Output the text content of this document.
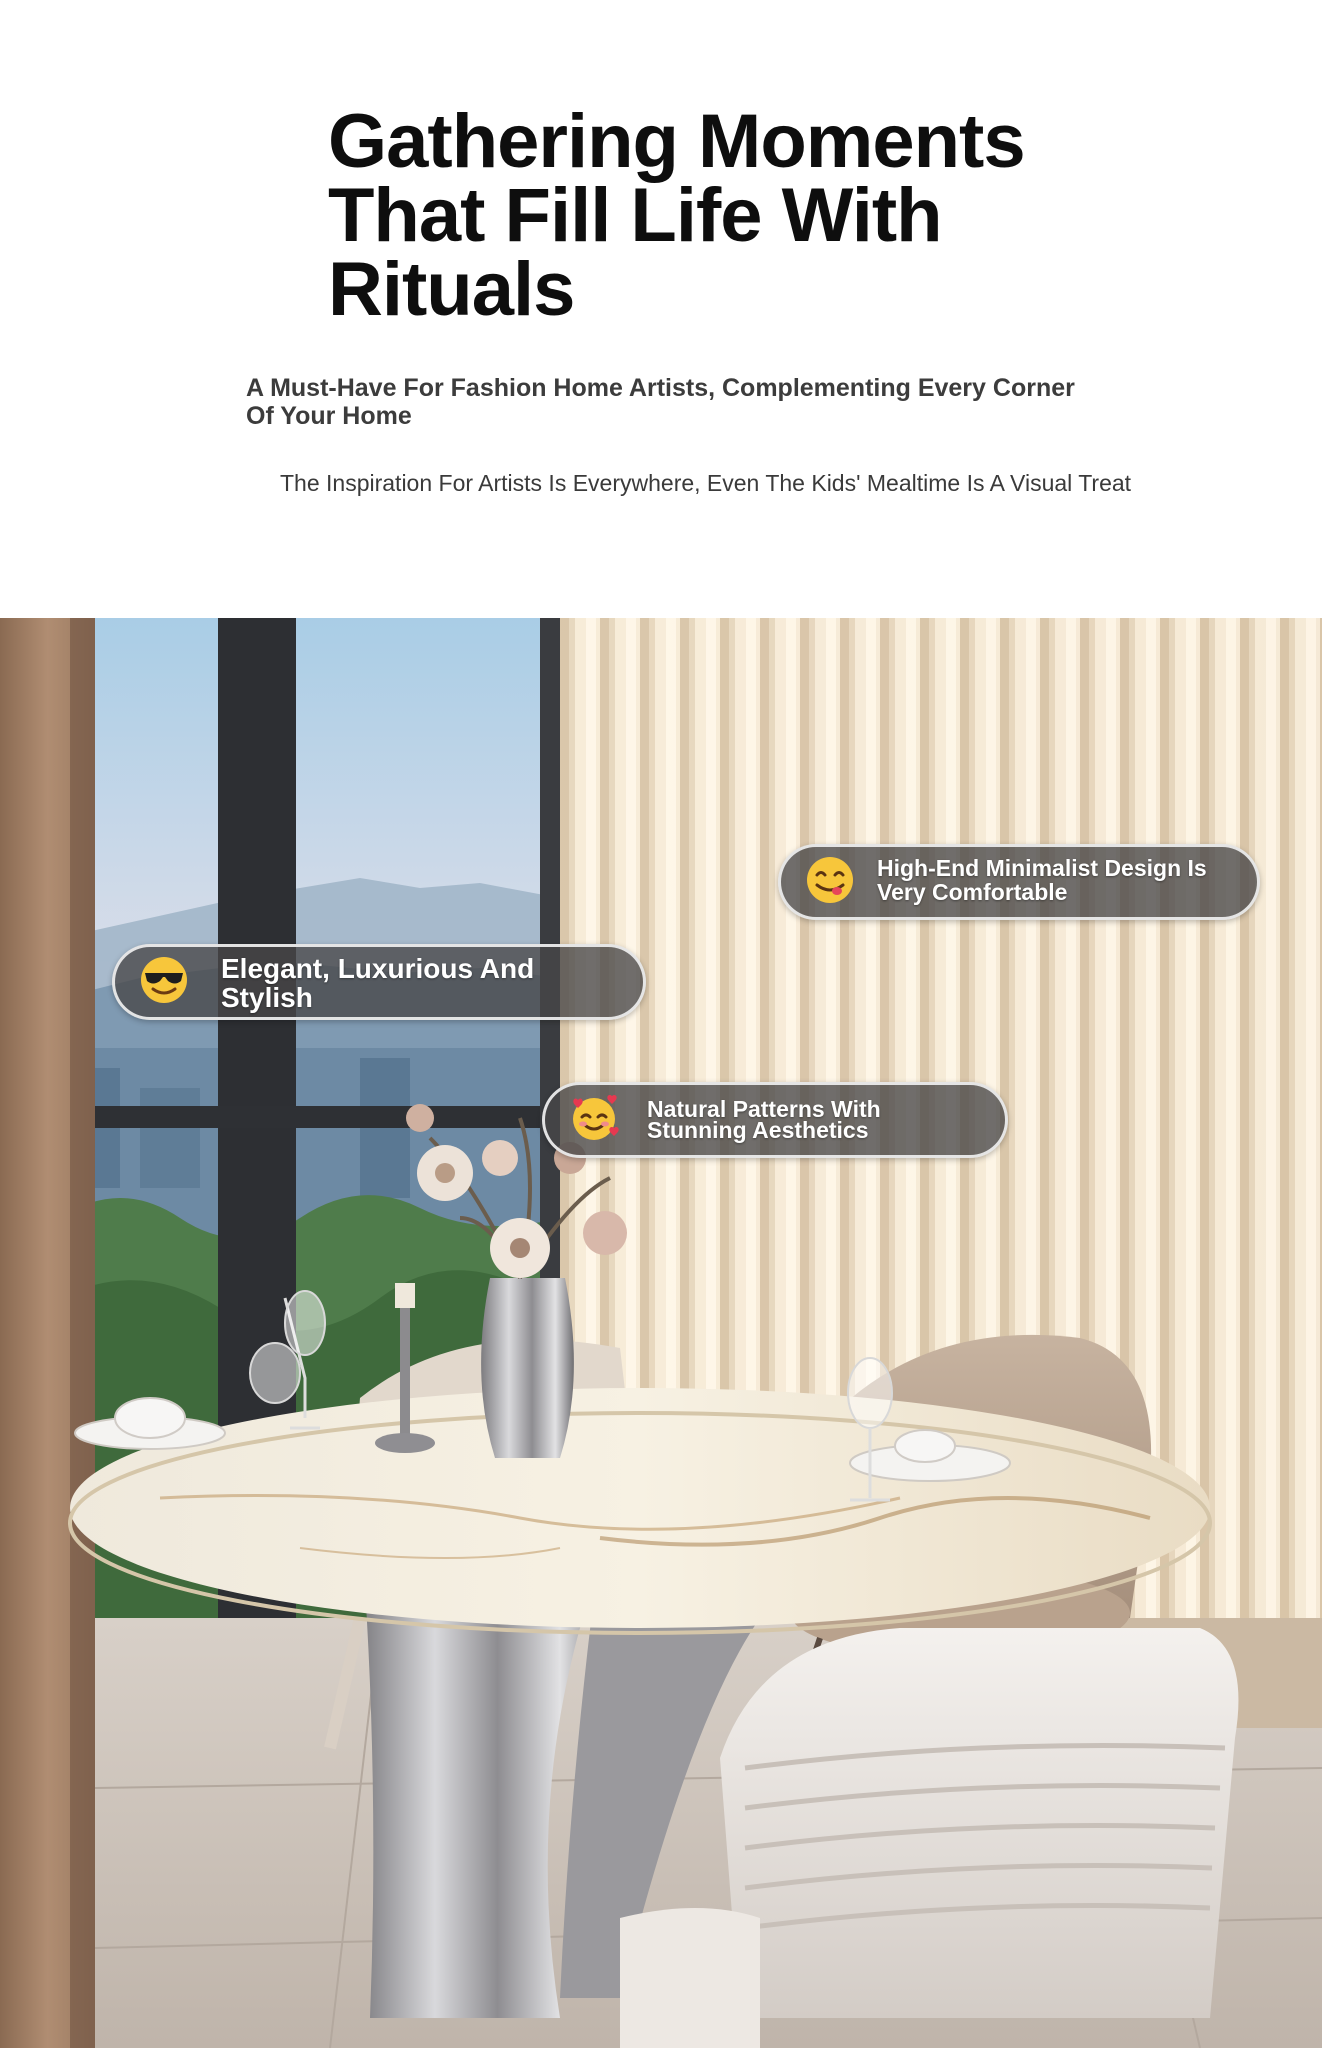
Gathering Moments
That Fill Life With
Rituals

A Must-Have For Fashion Home Artists, Complementing Every Corner Of Your Home

The Inspiration For Artists Is Everywhere, Even The Kids' Mealtime Is A Visual Treat

Elegant, Luxurious And
Stylish
High-End Minimalist Design Is
Very Comfortable
Natural Patterns With
Stunning Aesthetics
